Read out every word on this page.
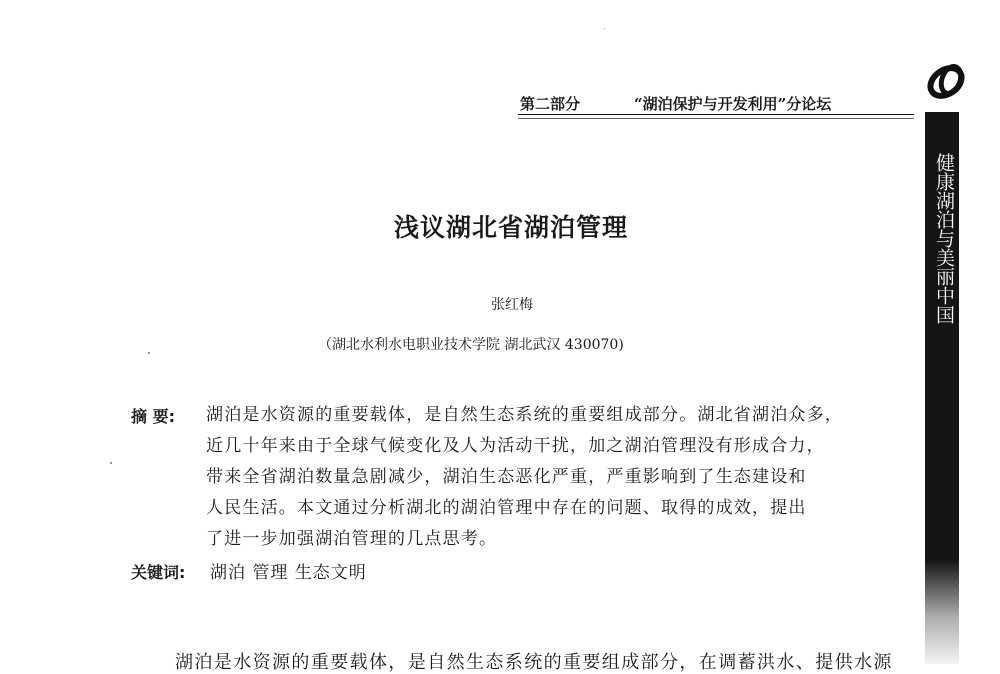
第二部分	“湖泊保护与开发利用”分论坛
健康湖泊与美丽中国
浅议湖北省湖泊管理
张红梅
（湖北水利水电职业技术学院 湖北武汉 430070)
摘 要: 湖泊是水资源的重要载体，是自然生态系统的重要组成部分。湖北省湖泊众多，
近几十年来由于全球气候变化及人为活动干扰，加之湖泊管理没有形成合力，
带来全省湖泊数量急剧减少，湖泊生态恶化严重，严重影响到了生态建设和
人民生活。本文通过分析湖北的湖泊管理中存在的问题、取得的成效，提出
了进一步加强湖泊管理的几点思考。
关键词: 湖泊 管理 生态文明
湖泊是水资源的重要载体，是自然生态系统的重要组成部分，在调蓄洪水、提供水源
